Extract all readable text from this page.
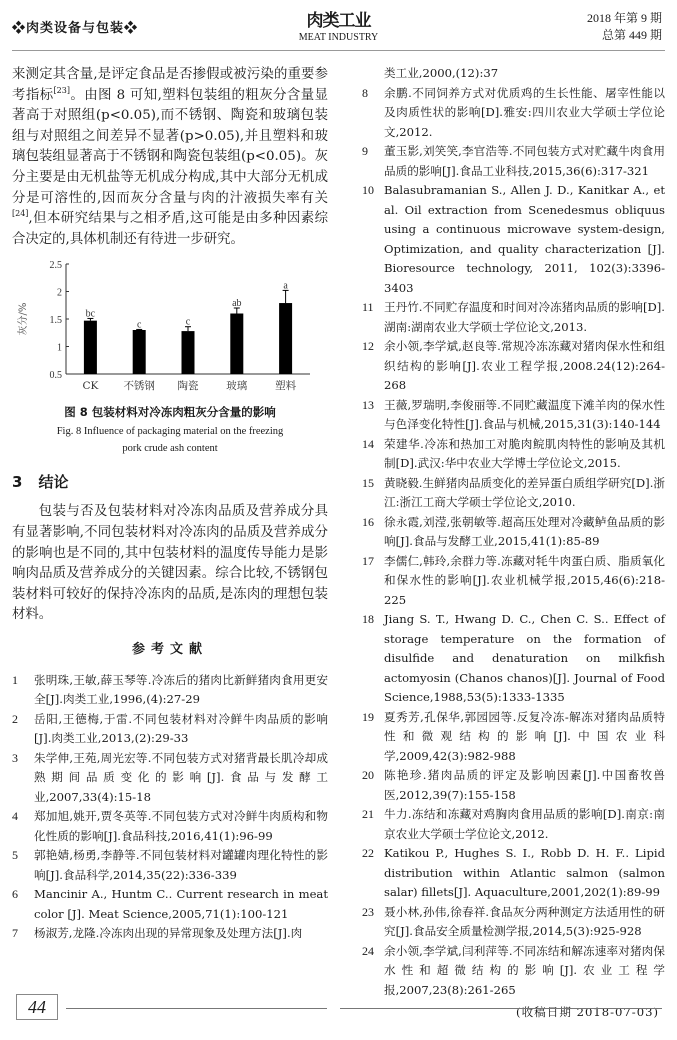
❖肉类设备与包装❖	肉类工业
MEAT INDUSTRY
2018 年第 9 期
总第 449 期

来测定其含量,是评定食品是否掺假或被污染的重要参考指标[23]。由图 8 可知,塑料包装组的粗灰分含量显著高于对照组(p<0.05),而不锈钢、陶瓷和玻璃包装组与对照组之间差异不显著(p>0.05),并且塑料和玻璃包装组显著高于不锈钢和陶瓷包装组(p<0.05)。灰分主要是由无机盐等无机成分构成,其中大部分无机成分是可溶性的,因而灰分含量与肉的汁液损失率有关[24],但本研究结果与之相矛盾,这可能是由多种因素综合决定的,具体机制还有待进一步研究。

0.5
1
1.5
2
2.5
灰分/%	bc
CK
c
不锈钢
c
陶瓷
ab
玻璃
a
塑料
图 8 包装材料对冷冻肉粗灰分含量的影响
Fig. 8 Influence of packaging material on the freezing
pork crude ash content
3 结论

包装与否及包装材料对冷冻肉品质及营养成分具有显著影响,不同包装材料对冷冻肉的品质及营养成分的影响也是不同的,其中包装材料的温度传导能力是影响肉品质及营养成分的关键因素。综合比较,不锈钢包装材料可较好的保持冷冻肉的品质,是冻肉的理想包装材料。

参考文献
1	张明珠,王敏,薛玉琴等.冷冻后的猪肉比新鲜猪肉食用更安全[J].肉类工业,1996,(4):27-29
2	岳阳,王德梅,于雷.不同包装材料对冷鲜牛肉品质的影响[J].肉类工业,2013,(2):29-33
3	朱学伸,王苑,周光宏等.不同包装方式对猪背最长肌冷却成熟期间品质变化的影响[J].食品与发酵工业,2007,33(4):15-18
4	郑加旭,姚开,贾冬英等.不同包装方式对冷鲜牛肉质构和物化性质的影响[J].食品科技,2016,41(1):96-99
5	郭艳婧,杨勇,李静等.不同包装材料对罐罐肉理化特性的影响[J].食品科学,2014,35(22):336-339
6	Mancinir A., Huntm C.. Current research in meat color [J]. Meat Science,2005,71(1):100-121
7	杨淑芳,龙隆.冷冻肉出现的异常现象及处理方法[J].肉
类工业,2000,(12):37
8	余鹏.不同饲养方式对优质鸡的生长性能、屠宰性能以及肉质性状的影响[D].雅安:四川农业大学硕士学位论文,2012.
9	董玉影,刘笑笑,李官浩等.不同包装方式对贮藏牛肉食用品质的影响[J].食品工业科技,2015,36(6):317-321
10 Balasubramanian S., Allen J. D., Kanitkar A., et al. Oil extraction from Scenedesmus obliquus using a continuous microwave system-design, Optimization, and quality characterization [J]. Bioresource technology, 2011, 102(3):3396-3403
11 王丹竹.不同贮存温度和时间对冷冻猪肉品质的影响[D].湖南:湖南农业大学硕士学位论文,2013.
12 余小领,李学斌,赵良等.常规冷冻冻藏对猪肉保水性和组织结构的影响[J].农业工程学报,2008.24(12):264-268
13 王薇,罗瑞明,李俊丽等.不同贮藏温度下滩羊肉的保水性与色泽变化特性[J].食品与机械,2015,31(3):140-144
14 荣建华.冷冻和热加工对脆肉鲩肌肉特性的影响及其机制[D].武汉:华中农业大学博士学位论文,2015.
15 黄晓毅.生鲜猪肉品质变化的差异蛋白质组学研究[D].浙江:浙江工商大学硕士学位论文,2010.
16 徐永霞,刘滢,张朝敏等.超高压处理对冷藏鲈鱼品质的影响[J].食品与发酵工业,2015,41(1):85-89
17 李儒仁,韩玲,余群力等.冻藏对牦牛肉蛋白质、脂质氧化和保水性的影响[J].农业机械学报,2015,46(6):218-225
18 Jiang S. T., Hwang D. C., Chen C. S.. Effect of storage temperature on the formation of disulfide and denaturation on milkfish actomyosin (Chanos chanos)[J]. Journal of Food Science,1988,53(5):1333-1335
19 夏秀芳,孔保华,郭园园等.反复冷冻-解冻对猪肉品质特性和微观结构的影响[J].中国农业科学,2009,42(3):982-988
20 陈艳珍.猪肉品质的评定及影响因素[J].中国畜牧兽医,2012,39(7):155-158
21 牛力.冻结和冻藏对鸡胸肉食用品质的影响[D].南京:南京农业大学硕士学位论文,2012.
22 Katikou P., Hughes S. I., Robb D. H. F.. Lipid distribution within Atlantic salmon (salmon salar) fillets[J]. Aquaculture,2001,202(1):89-99
23 聂小林,孙伟,徐春祥.食品灰分两种测定方法适用性的研究[J].食品安全质量检测学报,2014,5(3):925-928
24 余小领,李学斌,闫利萍等.不同冻结和解冻速率对猪肉保水性和超微结构的影响[J].农业工程学报,2007,23(8):261-265
(收稿日期 2018-07-03)
44
